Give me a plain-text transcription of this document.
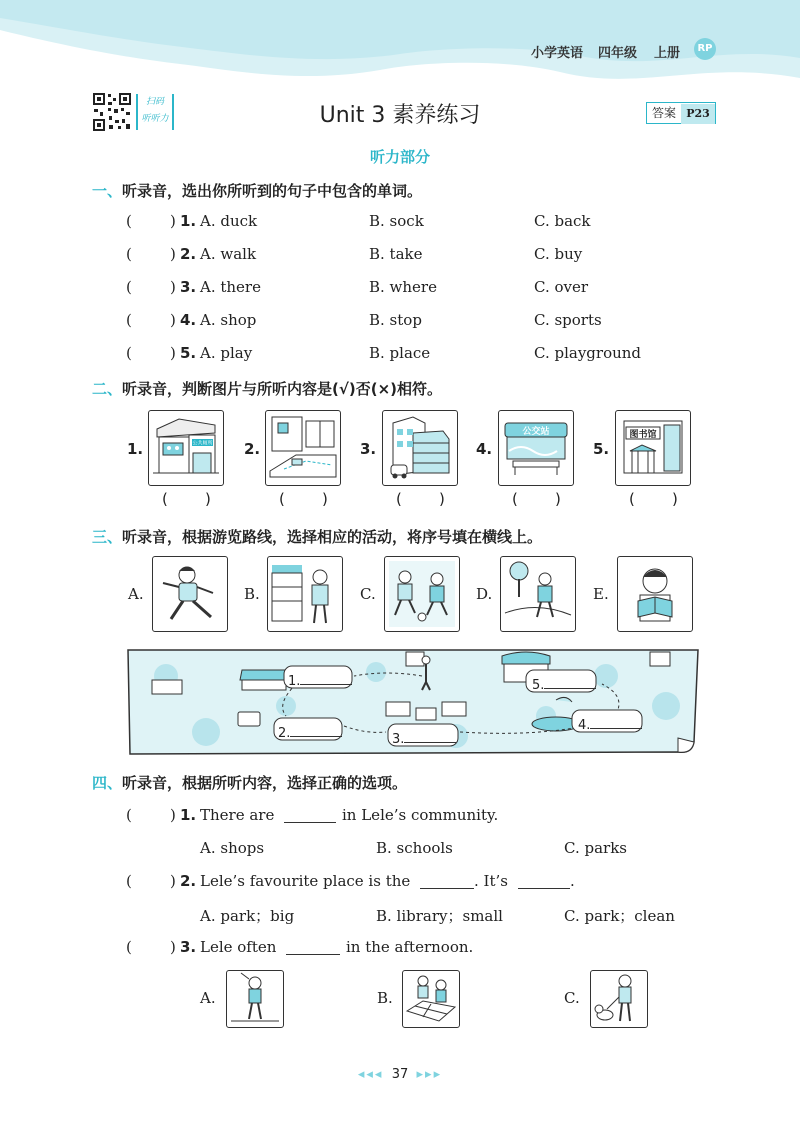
小学英语 四年级 上册	RP
扫码
听听力	Unit 3 素养练习	答案 P23
听力部分
一、听录音，选出你所听到的句子中包含的单词。
(	) 1. A. duck	B. sock	C. back
(	) 2. A. walk	B. take	C. buy
(	) 3. A. there	B. where	C. over
(	) 4. A. shop	B. stop	C. sports
(	) 5. A. play	B. place	C. playground
二、听录音，判断图片与所听内容是(√)否(×)相符。
1.	公共厕所
( )
2.
( )
3.
( )
4.
公交站
( )
5.
图书馆
( )
三、听录音，根据游览路线，选择相应的活动，将序号填在横线上。
A.	B.	C.	D.	E.
1.
2.	3.
4.
5.
四、听录音，根据所听内容，选择正确的选项。
(	) 1. There are	in Lele’s community.
A. shops	B. schools	C. parks
(	) 2. Lele’s favourite place is the	. It’s	.
A. park；big	B. library；small	C. park；clean
(	) 3. Lele often	in the afternoon.
A.	B.	C.
◂◂◂ 37 ▸▸▸
